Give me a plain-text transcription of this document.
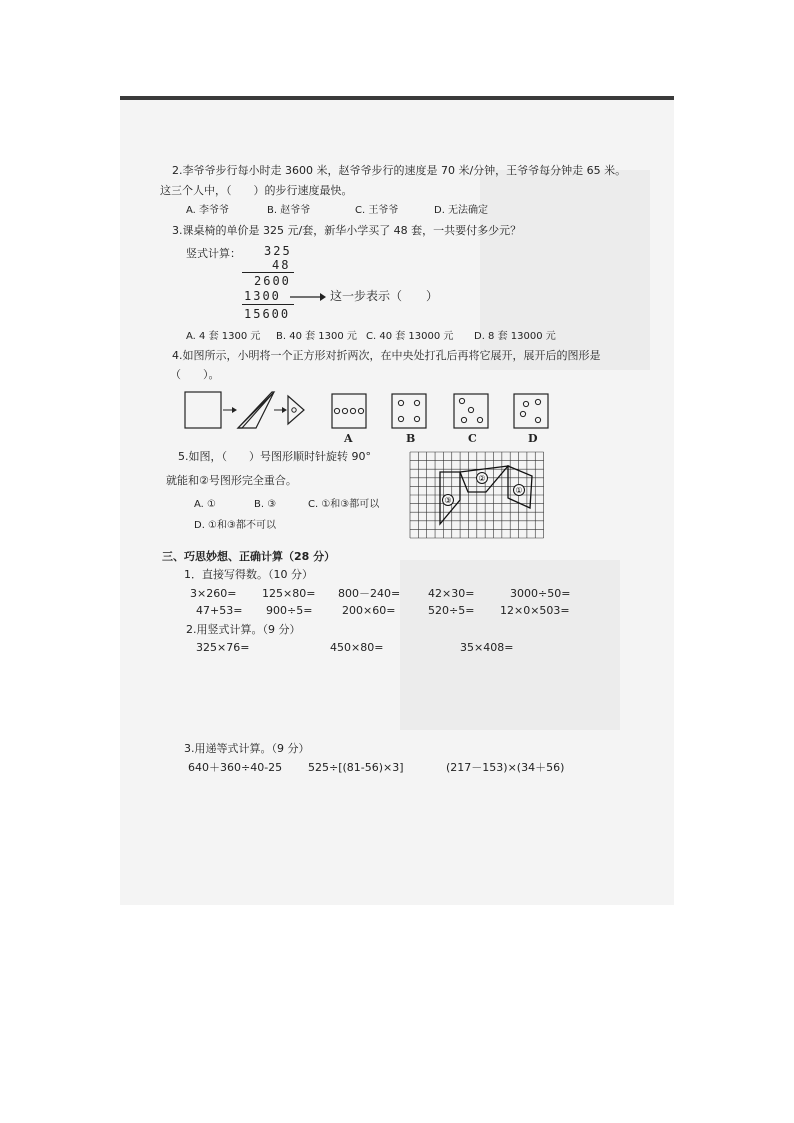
2.李爷爷步行每小时走 3600 米，赵爷爷步行的速度是 70 米/分钟，王爷爷每分钟走 65 米。
这三个人中，（　　）的步行速度最快。
A. 李爷爷	B. 赵爷爷	C. 王爷爷	D. 无法确定
3.课桌椅的单价是 325 元/套，新华小学买了 48 套，一共要付多少元？
竖式计算： 325
48
2600
1300
15600
这一步表示（　　）
A. 4 套 1300 元 B. 40 套 1300 元 C. 40 套 13000 元 D. 8 套 13000 元
4.如图所示，小明将一个正方形对折两次，在中央处打孔后再将它展开，展开后的图形是
（　　）。
A	B	C	D
5.如图，（　　）号图形顺时针旋转 90°
就能和②号图形完全重合。
A. ①	B. ③	C. ①和③都可以
D. ①和③都不可以
③
②
①
三、巧思妙想、正确计算（28 分）
1．直接写得数。（10 分）
3×260= 125×80= 800－240=	42×30=	3000÷50=
47+53= 900÷5=	200×60=	520÷5= 12×0×503=
2.用竖式计算。（9 分）
325×76=	450×80=	35×408=
3.用递等式计算。（9 分）
640＋360÷40-25 525÷[(81-56)×3]	(217－153)×(34＋56)
